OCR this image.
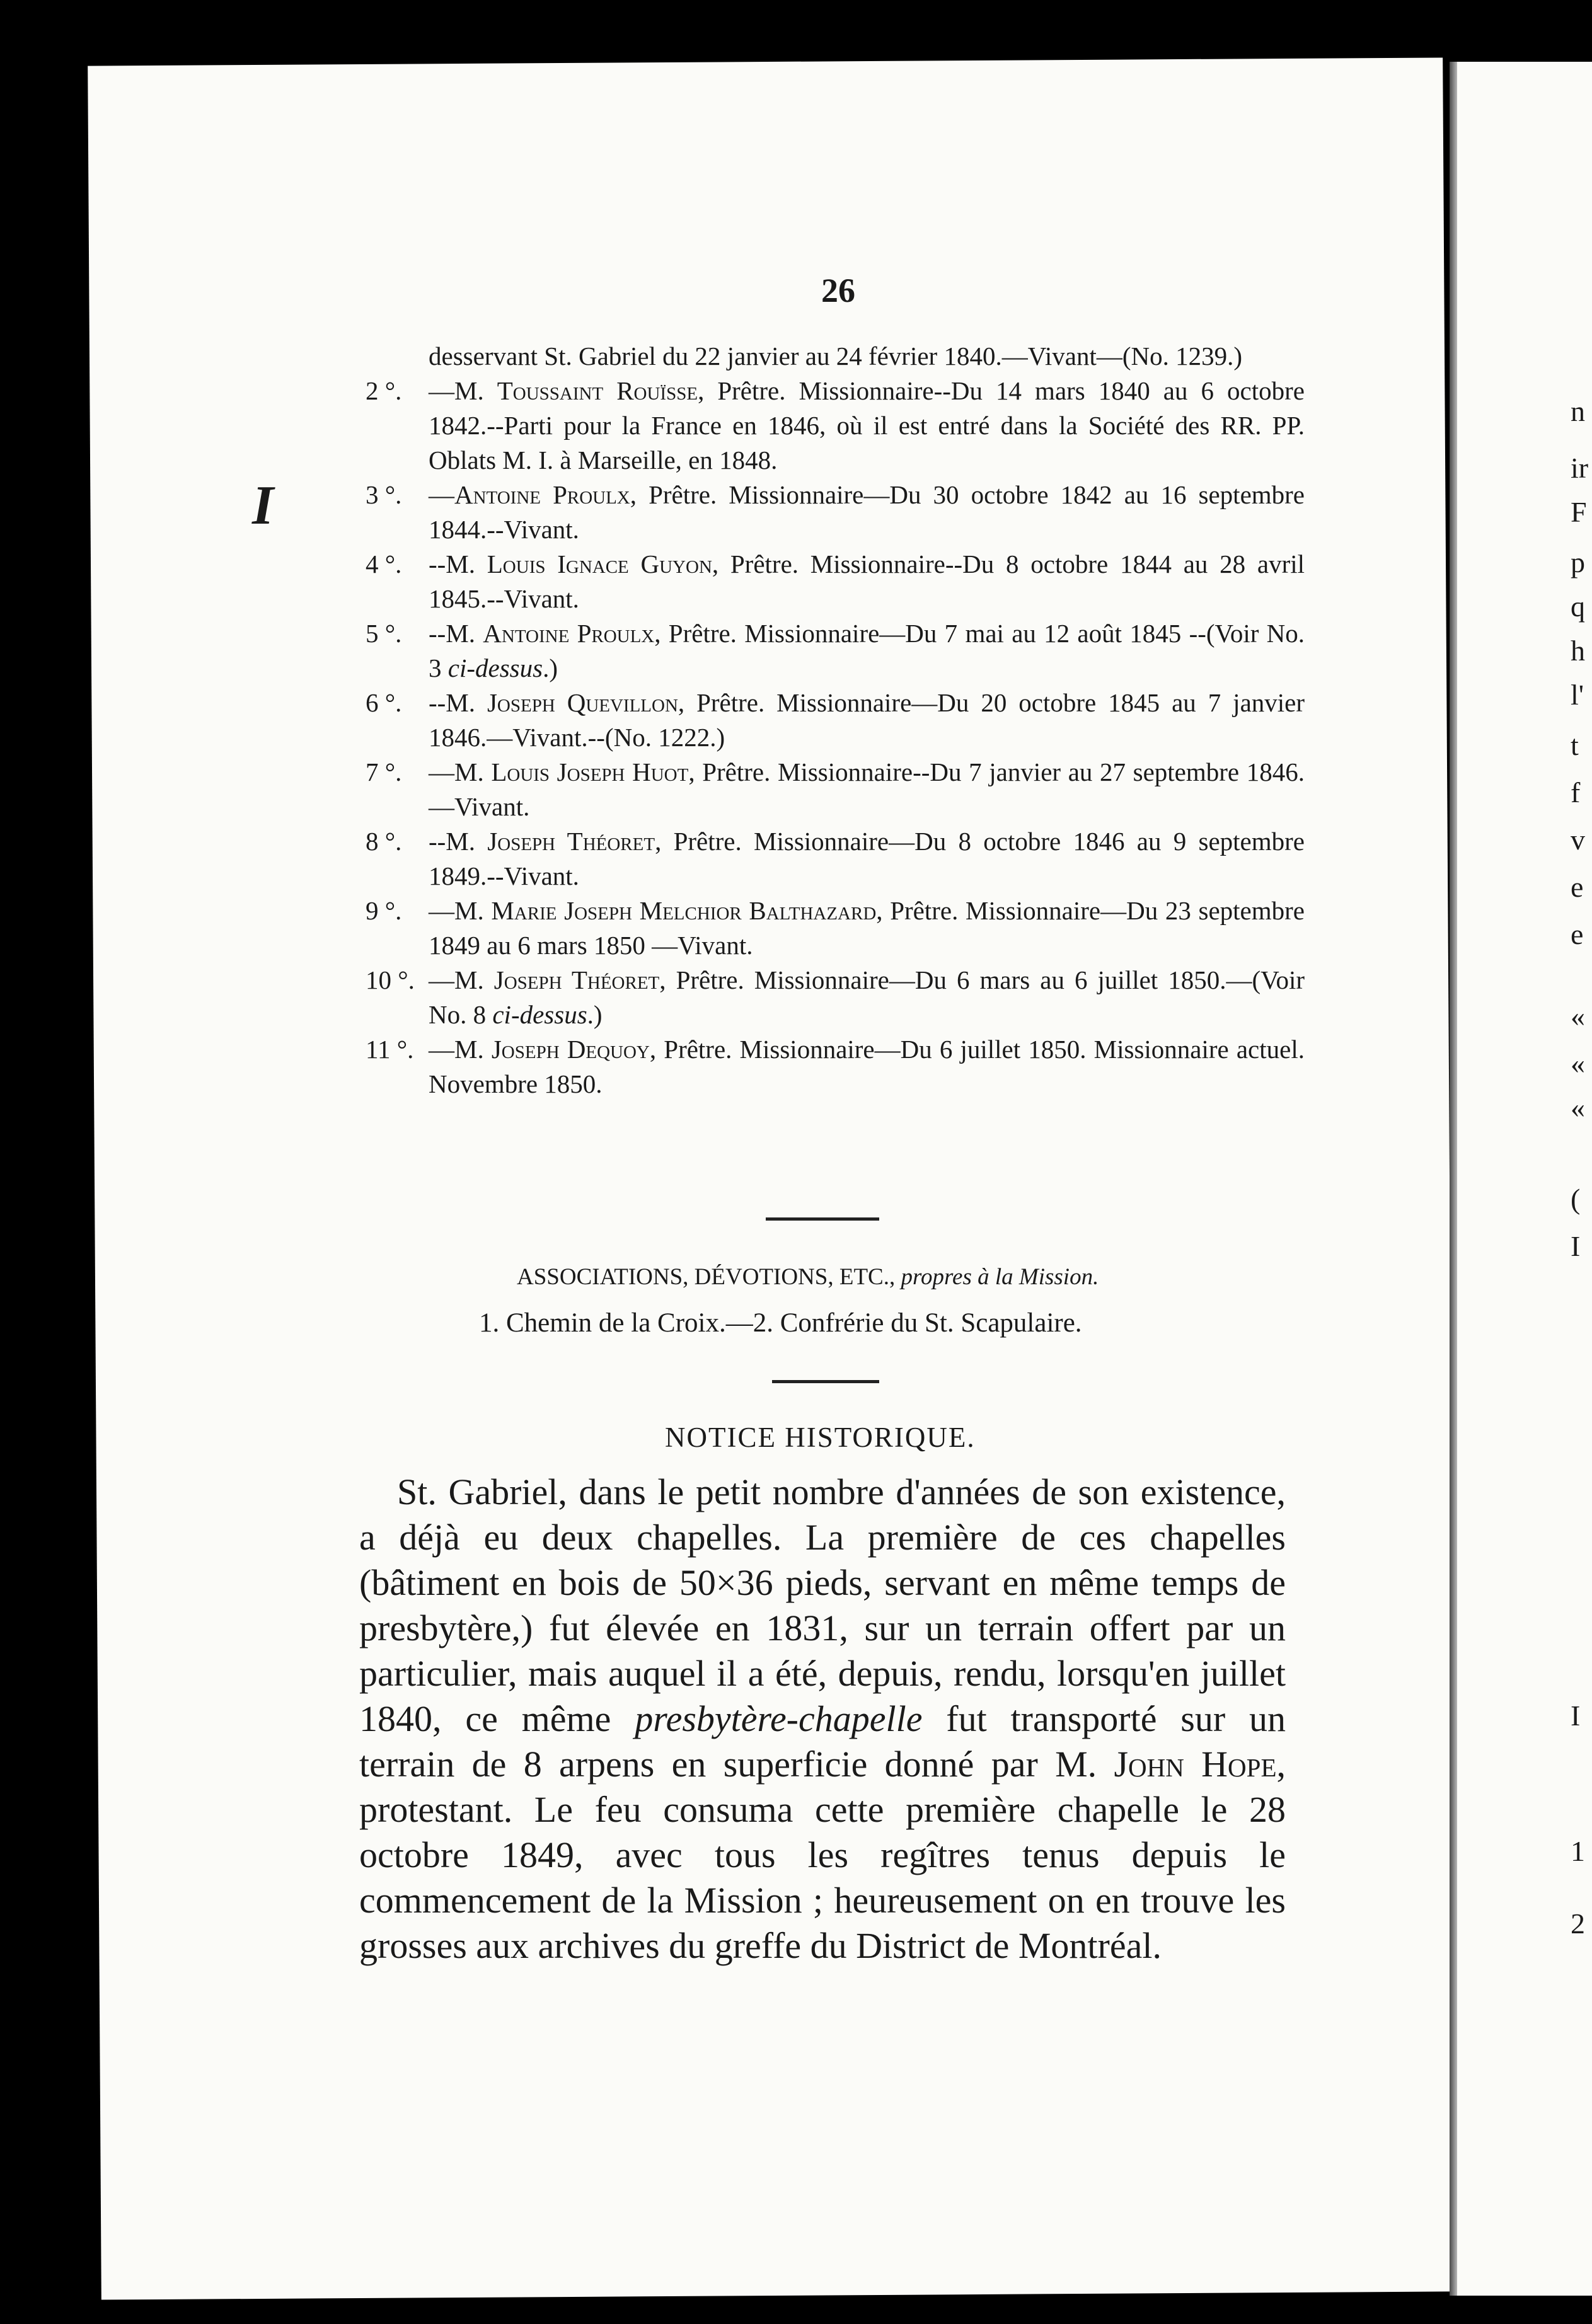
26
I
desservant St. Gabriel du 22 janvier au 24 février 1840.—Vivant—(No. 1239.)
2 °.	—M. Toussaint Rouïsse, Prêtre. Missionnaire--Du 14 mars 1840 au 6 octobre 1842.--Parti pour la France en 1846, où il est entré dans la Société des RR. PP. Oblats M. I. à Marseille, en 1848.
3 °.	—Antoine Proulx, Prêtre. Missionnaire—Du 30 octobre 1842 au 16 septembre 1844.--Vivant.
4 °.	--M. Louis Ignace Guyon, Prêtre. Missionnaire--Du 8 octobre 1844 au 28 avril 1845.--Vivant.
5 °.	--M. Antoine Proulx, Prêtre. Missionnaire—Du 7 mai au 12 août 1845 --(Voir No. 3 ci-dessus.)
6 °.	--M. Joseph Quevillon, Prêtre. Missionnaire—Du 20 octobre 1845 au 7 janvier 1846.—Vivant.--(No. 1222.)
7 °.	—M. Louis Joseph Huot, Prêtre. Missionnaire--Du 7 janvier au 27 septembre 1846.—Vivant.
8 °.	--M. Joseph Théoret, Prêtre. Missionnaire—Du 8 octobre 1846 au 9 septembre 1849.--Vivant.
9 °.	—M. Marie Joseph Melchior Balthazard, Prêtre. Missionnaire—Du 23 septembre 1849 au 6 mars 1850 —Vivant.
10 °. —M. Joseph Théoret, Prêtre. Missionnaire—Du 6 mars au 6 juillet 1850.—(Voir No. 8 ci-dessus.)
11 °. —M. Joseph Dequoy, Prêtre. Missionnaire—Du 6 juillet 1850. Missionnaire actuel. Novembre 1850.
ASSOCIATIONS, DÉVOTIONS, ETC., propres à la Mission.
1. Chemin de la Croix.—2. Confrérie du St. Scapulaire.
NOTICE HISTORIQUE.
St. Gabriel, dans le petit nombre d'années de son existence, a déjà eu deux chapelles. La première de ces chapelles (bâtiment en bois de 50×36 pieds, servant en même temps de presbytère,) fut élevée en 1831, sur un terrain offert par un particulier, mais auquel il a été, depuis, rendu, lorsqu'en juillet 1840, ce même presbytère-chapelle fut transporté sur un terrain de 8 arpens en superficie donné par M. John Hope, protestant. Le feu consuma cette première chapelle le 28 octobre 1849, avec tous les regîtres tenus depuis le commencement de la Mission ; heureusement on en trouve les grosses aux archives du greffe du District de Montréal.
n
ir
F
p
q
h
l'
t
f
v
e
e
«
«
«
(
I
I
1
2
